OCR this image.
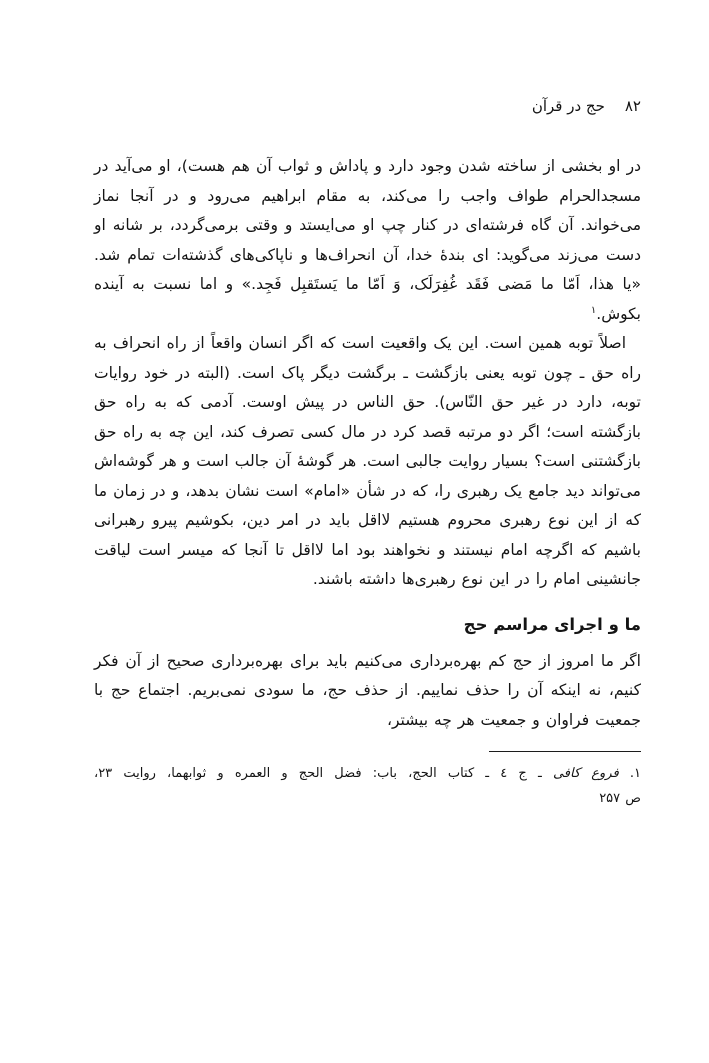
۸۲حج در قرآن

در او بخشی از ساخته شدن وجود دارد و پاداش و ثواب آن هم هست)، او می‌آید در مسجدالحرام طواف واجب را می‌کند، به مقام ابراهیم می‌رود و در آنجا نماز می‌خواند. آن گاه فرشته‌ای در کنار چپ او می‌ایستد و وقتی برمی‌گردد، بر شانه او دست می‌زند می‌گوید: ای بندهٔ خدا، آن انحراف‌ها و ناپاکی‌های گذشته‌ات تمام شد. «یا هذا، اَمّا ما مَضی فَقَد غُفِرَلَک، وَ اَمّا ما یَستَقبِل فَجِد.» و اما نسبت به آینده بکوش.$^۱$

اصلاً توبه همین است. این یک واقعیت است که اگر انسان واقعاً از راه انحراف به راه حق ـ چون توبه یعنی بازگشت ـ برگشت دیگر پاک است. (البته در خود روایات توبه، دارد در غیر حق النّاس). حق الناس در پیش اوست. آدمی که به راه حق بازگشته است؛ اگر دو مرتبه قصد کرد در مال کسی تصرف کند، این چه به راه حق بازگشتنی است؟ بسیار روایت جالبی است. هر گوشهٔ آن جالب است و هر گوشه‌اش می‌تواند دید جامع یک رهبری را، که در شأن «امام» است نشان بدهد، و در زمان ما که از این نوع رهبری محروم هستیم لااقل باید در امر دین، بکوشیم پیرو رهبرانی باشیم که اگرچه امام نیستند و نخواهند بود اما لااقل تا آنجا که میسر است لیاقت جانشینی امام را در این نوع رهبری‌ها داشته باشند.

ما و اجرای مراسم حج

اگر ما امروز از حج کم بهره‌برداری می‌کنیم باید برای بهره‌برداری صحیح از آن فکر کنیم، نه اینکه آن را حذف نماییم. از حذف حج، ما سودی نمی‌بریم. اجتماع حج با جمعیت فراوان و جمعیت هر چه بیشتر،

۱. فروع کافی ـ ج ٤ ـ کتاب الحج، باب: فضل الحج و العمره و ثوابهما، روایت ۲۳،

ص ۲۵۷
